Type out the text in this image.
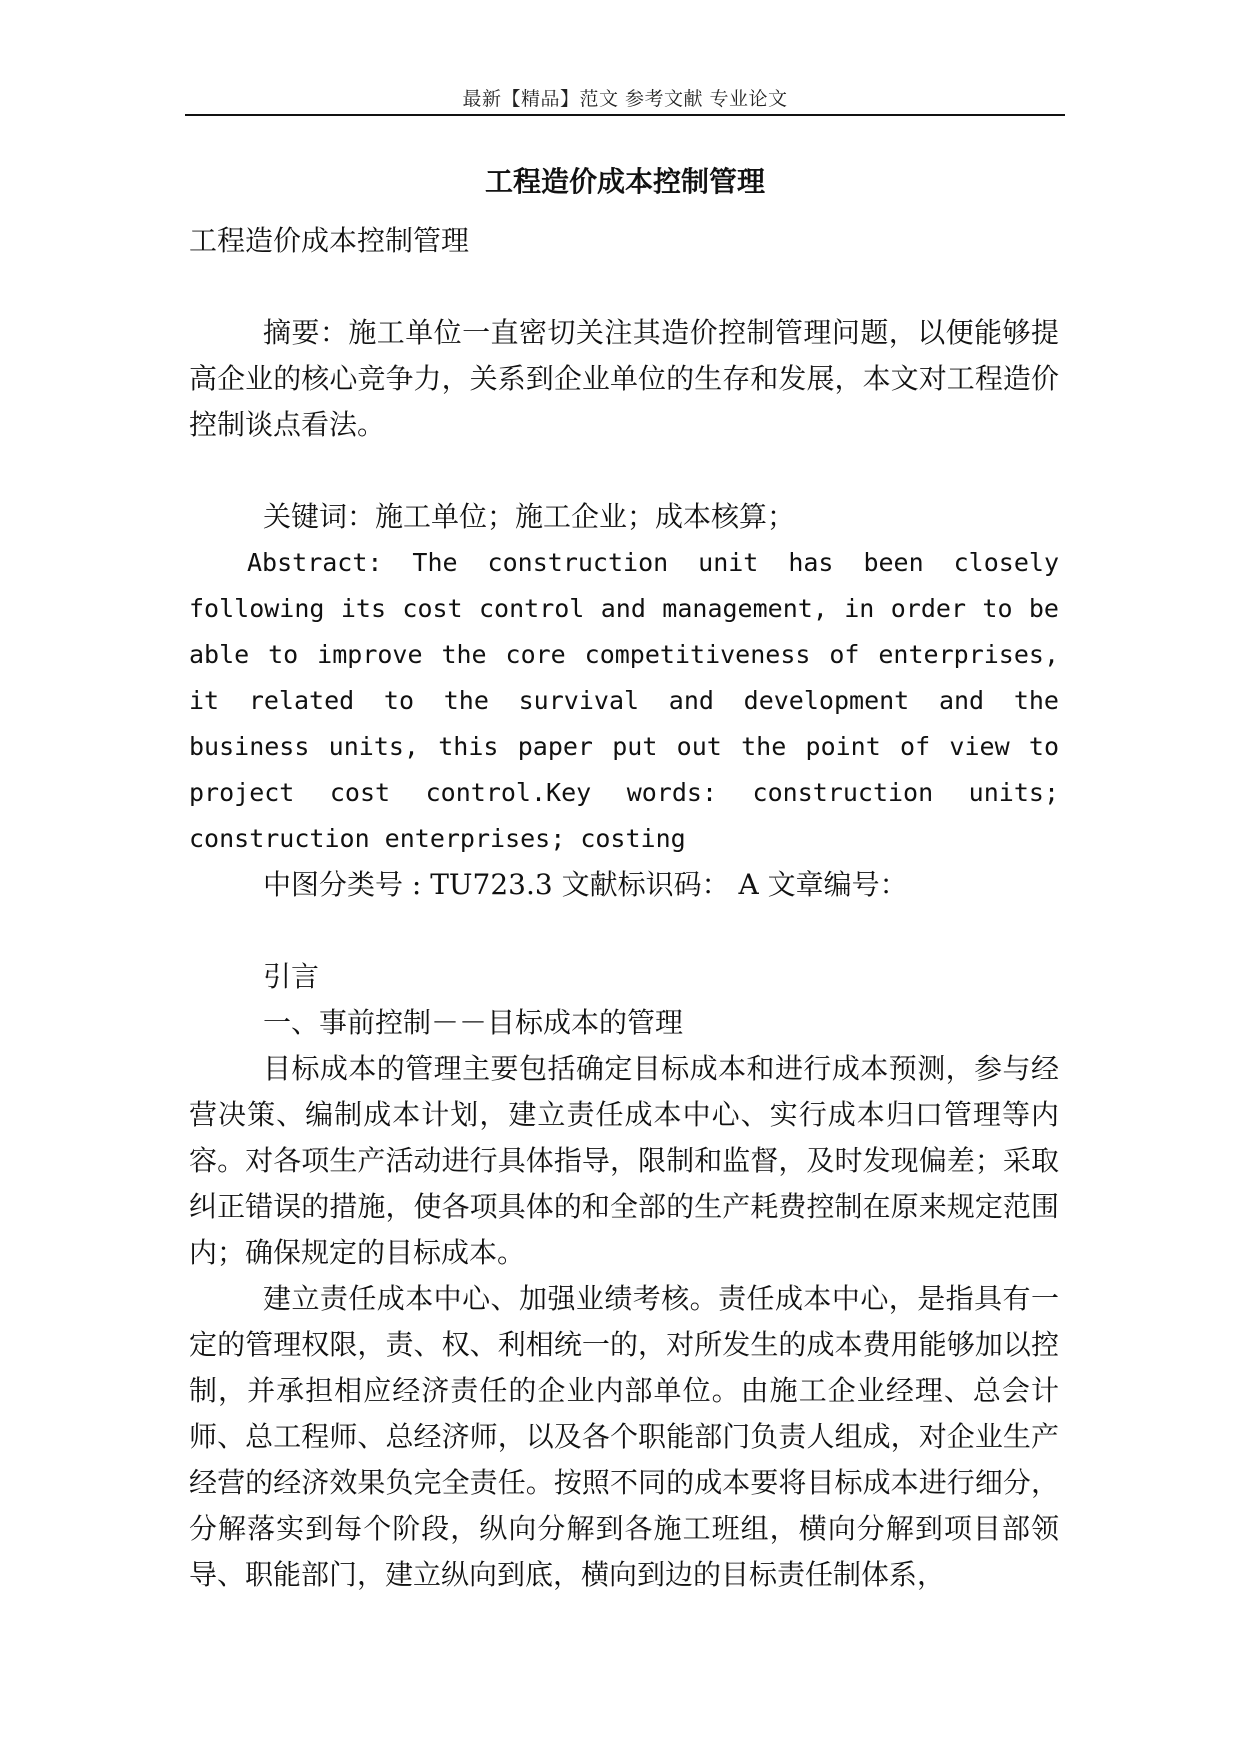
最新【精品】范文 参考文献 专业论文
工程造价成本控制管理

工程造价成本控制管理

摘要：施工单位一直密切关注其造价控制管理问题，以便能够提高企业的核心竞争力，关系到企业单位的生存和发展，本文对工程造价控制谈点看法。

关键词：施工单位；施工企业；成本核算；

Abstract: The construction unit has been closely following its cost control and management, in order to be able to improve the core competitiveness of enterprises, it related to the survival and development and the business units, this paper put out the point of view to project cost control.Key words: construction units; construction enterprises; costing

中图分类号 : TU723.3 文献标识码： A 文章编号：

引言

一、事前控制－－目标成本的管理

目标成本的管理主要包括确定目标成本和进行成本预测，参与经营决策、编制成本计划，建立责任成本中心、实行成本归口管理等内容。对各项生产活动进行具体指导，限制和监督，及时发现偏差；采取纠正错误的措施，使各项具体的和全部的生产耗费控制在原来规定范围内；确保规定的目标成本。

建立责任成本中心、加强业绩考核。责任成本中心，是指具有一定的管理权限，责、权、利相统一的，对所发生的成本费用能够加以控制，并承担相应经济责任的企业内部单位。由施工企业经理、总会计师、总工程师、总经济师，以及各个职能部门负责人组成，对企业生产经营的经济效果负完全责任。按照不同的成本要将目标成本进行细分，分解落实到每个阶段，纵向分解到各施工班组，横向分解到项目部领导、职能部门，建立纵向到底，横向到边的目标责任制体系，
